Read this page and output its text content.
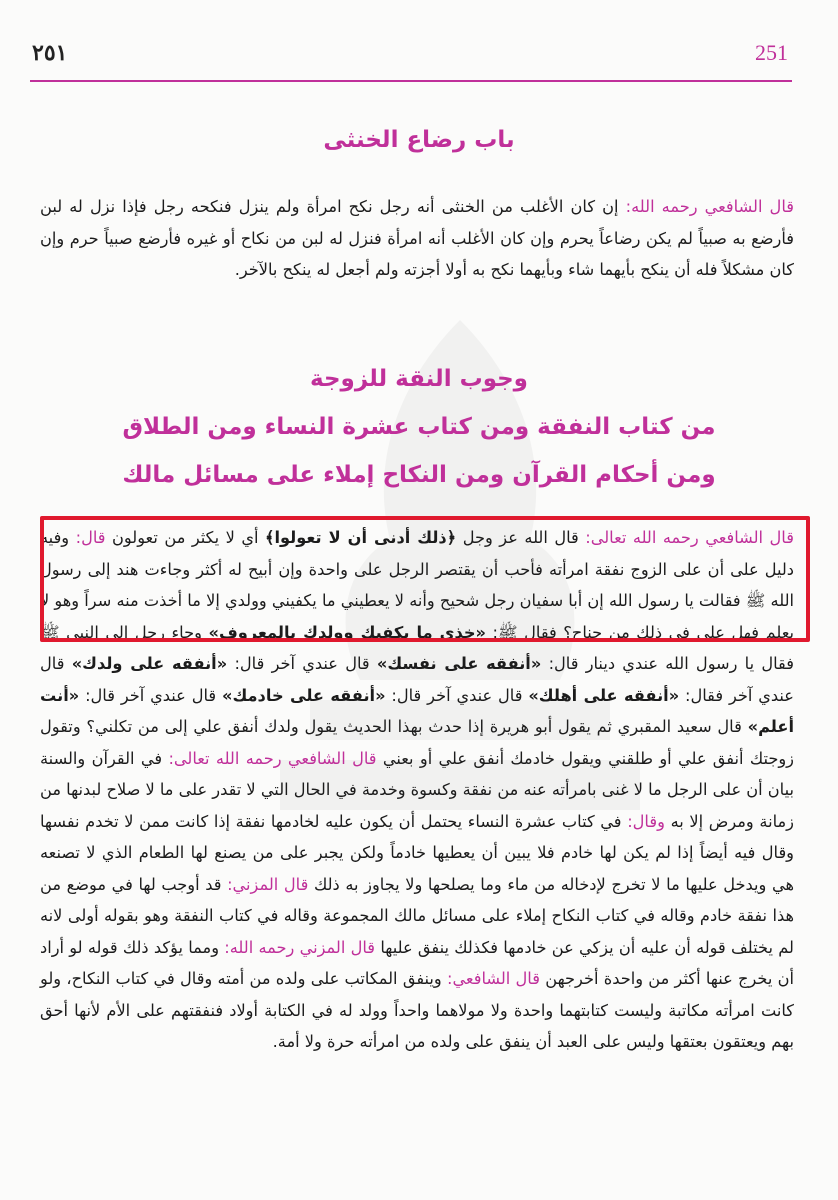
٢٥١	251
باب رضاع الخنثى
قال الشافعي رحمه الله: إن كان الأغلب من الخنثى أنه رجل نكح امرأة ولم ينزل فنكحه رجل فإذا نزل له لبن فأرضع به صبياً لم يكن رضاعاً يحرم وإن كان الأغلب أنه امرأة فنزل له لبن من نكاح أو غيره فأرضع صبياً حرم وإن كان مشكلاً فله أن ينكح بأيهما شاء وبأيهما نكح به أولا أجزته ولم أجعل له ينكح بالآخر.
وجوب النقة للزوجة
من كتاب النفقة ومن كتاب عشرة النساء ومن الطلاق
ومن أحكام القرآن ومن النكاح إملاء على مسائل مالك
قال الشافعي رحمه الله تعالى: قال الله عز وجل ﴿ذلك أدنى أن لا تعولوا﴾ أي لا يكثر من تعولون قال: وفيه دليل على أن على الزوج نفقة امرأته فأحب أن يقتصر الرجل على واحدة وإن أبيح له أكثر وجاءت هند إلى رسول الله ﷺ فقالت يا رسول الله إن أبا سفيان رجل شحيح وأنه لا يعطيني ما يكفيني وولدي إلا ما أخذت منه سراً وهو لا يعلم فهل علي في ذلك من جناح؟ فقال ﷺ: «خذي ما يكفيك وولدك بالمعروف» وجاء رجل إلى النبي ﷺ فقال يا رسول الله عندي دينار قال: «أنفقه على نفسك» قال عندي آخر قال: «أنفقه على ولدك» قال عندي آخر فقال: «أنفقه على أهلك» قال عندي آخر قال: «أنفقه على خادمك» قال عندي آخر قال: «أنت أعلم» قال سعيد المقبري ثم يقول أبو هريرة إذا حدث بهذا الحديث يقول ولدك أنفق علي إلى من تكلني؟ وتقول زوجتك أنفق علي أو طلقني ويقول خادمك أنفق علي أو بعني قال الشافعي رحمه الله تعالى: في القرآن والسنة بيان أن على الرجل ما لا غنى بامرأته عنه من نفقة وكسوة وخدمة في الحال التي لا تقدر على ما لا صلاح لبدنها من زمانة ومرض إلا به وقال: في كتاب عشرة النساء يحتمل أن يكون عليه لخادمها نفقة إذا كانت ممن لا تخدم نفسها وقال فيه أيضاً إذا لم يكن لها خادم فلا يبين أن يعطيها خادماً ولكن يجبر على من يصنع لها الطعام الذي لا تصنعه هي ويدخل عليها ما لا تخرج لإدخاله من ماء وما يصلحها ولا يجاوز به ذلك قال المزني: قد أوجب لها في موضع من هذا نفقة خادم وقاله في كتاب النكاح إملاء على مسائل مالك المجموعة وقاله في كتاب النفقة وهو بقوله أولى لانه لم يختلف قوله أن عليه أن يزكي عن خادمها فكذلك ينفق عليها قال المزني رحمه الله: ومما يؤكد ذلك قوله لو أراد أن يخرج عنها أكثر من واحدة أخرجهن قال الشافعي: وينفق المكاتب على ولده من أمته وقال في كتاب النكاح، ولو كانت امرأته مكاتبة وليست كتابتهما واحدة ولا مولاهما واحداً وولد له في الكتابة أولاد فنفقتهم على الأم لأنها أحق بهم ويعتقون بعتقها وليس على العبد أن ينفق على ولده من امرأته حرة ولا أمة.
